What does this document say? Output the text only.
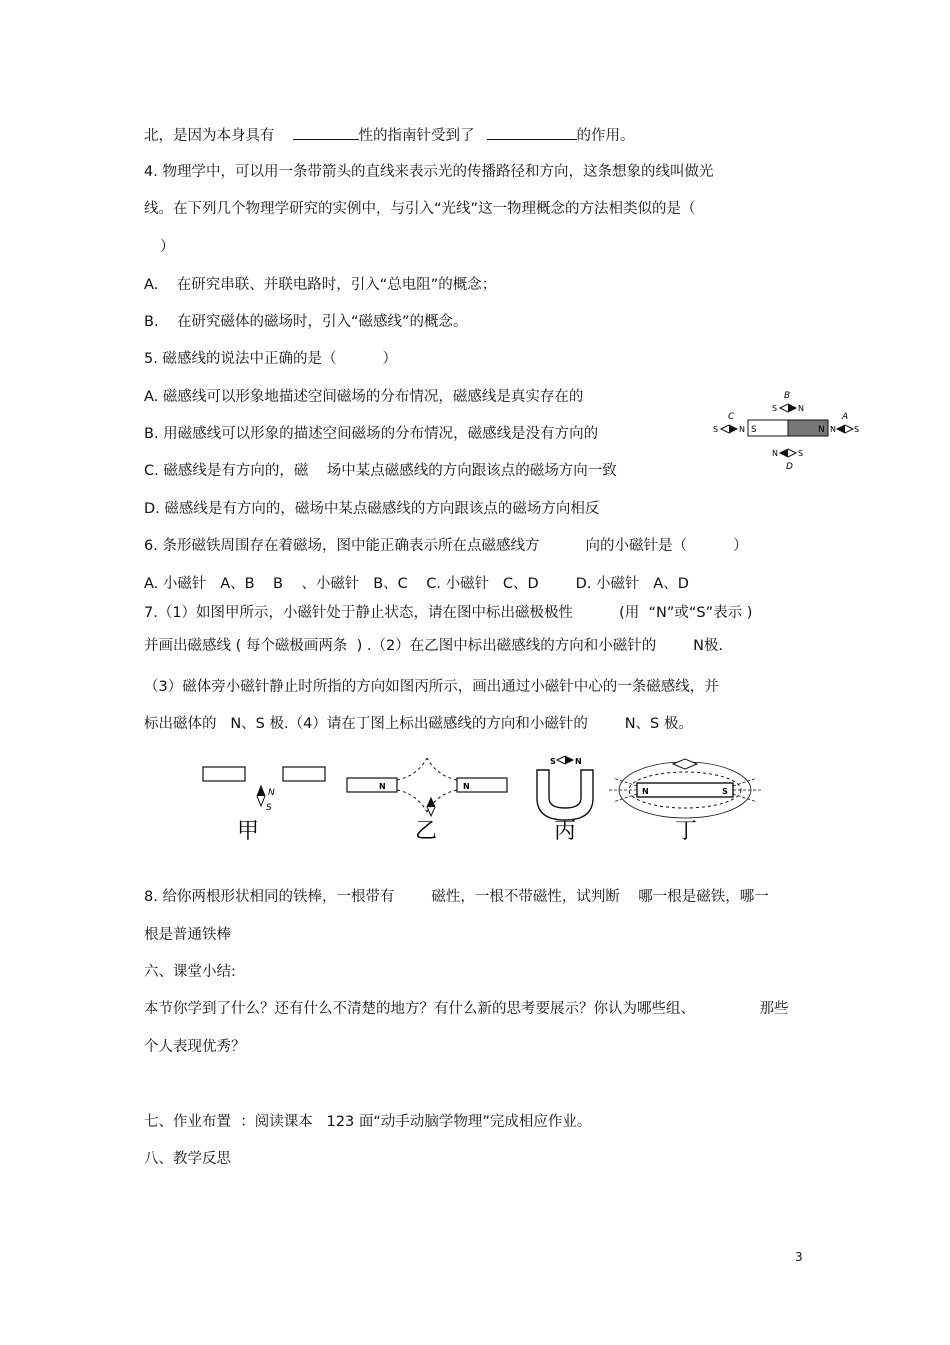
北，是因为本身具有	性的指南针受到了	的作用。
4. 物理学中，可以用一条带箭头的直线来表示光的传播路径和方向，这条想象的线叫做光
线。在下列几个物理学研究的实例中，与引入“光线”这一物理概念的方法相类似的是（
）
A.    在研究串联、并联电路时，引入“总电阻”的概念；
B.    在研究磁体的磁场时，引入“磁感线”的概念。
5. 磁感线的说法中正确的是（          ）
A. 磁感线可以形象地描述空间磁场的分布情况，磁感线是真实存在的
B. 用磁感线可以形象的描述空间磁场的分布情况，磁感线是没有方向的
C. 磁感线是有方向的，磁    场中某点磁感线的方向跟该点的磁场方向一致
D. 磁感线是有方向的，磁场中某点磁感线的方向跟该点的磁场方向相反
B
S	N
C
S	N S	N
A
N S
N	S
D
6. 条形磁铁周围存在着磁场，图中能正确表示所在点磁感线方          向的小磁针是（          ）
A. 小磁针   A、B    B    、小磁针   B、C    C. 小磁针   C、D        D. 小磁针   A、D
7.（1）如图甲所示，小磁针处于静止状态，请在图中标出磁极极性          (用  “N”或“S”表示 )
并画出磁感线 ( 每个磁极画两条  ) .（2）在乙图中标出磁感线的方向和小磁针的        N极.
（3）磁体旁小磁针静止时所指的方向如图丙所示，画出通过小磁针中心的一条磁感线，并
标出磁体的   N、S 极.（4）请在丁图上标出磁感线的方向和小磁针的        N、S 极。
N
S
甲
N	N
乙
S N
丙
N	S
丁
8. 给你两根形状相同的铁棒，一根带有        磁性，一根不带磁性，试判断    哪一根是磁铁，哪一
根是普通铁棒
六、课堂小结:
本节你学到了什么？还有什么不清楚的地方？有什么新的思考要展示？你认为哪些组、              那些
个人表现优秀？
七、作业布置  ：阅读课本   123 面“动手动脑学物理”完成相应作业。
八、教学反思
3
